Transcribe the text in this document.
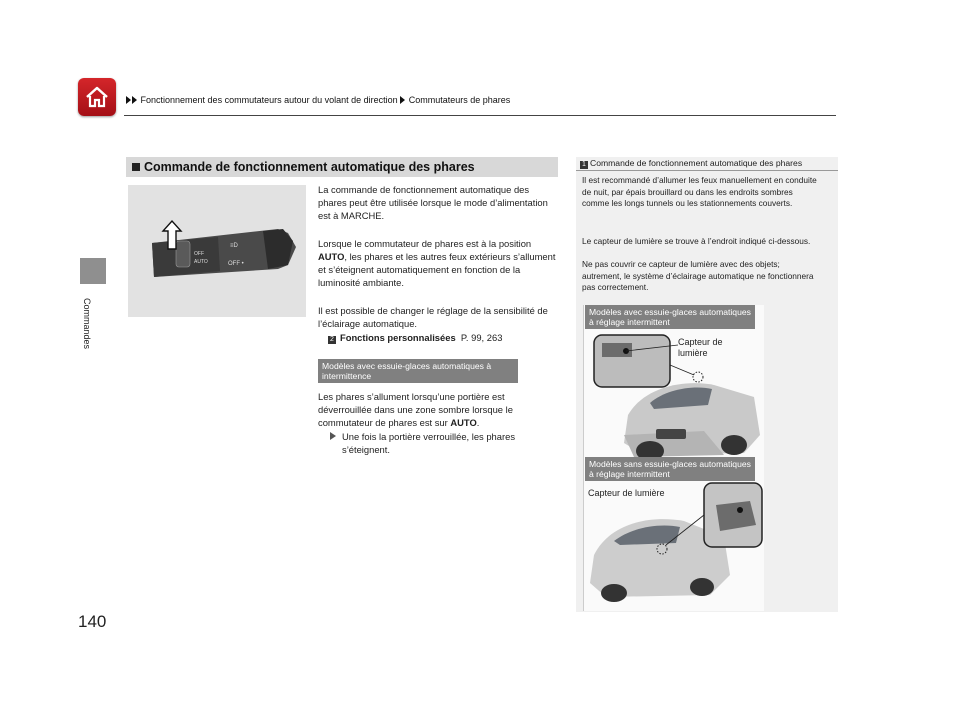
Fonctionnement des commutateurs autour du volant de direction Commutateurs de phares
Commandes
140
Commande de fonctionnement automatique des phares
OFF
AUTO	OFF •
≡D
La commande de fonctionnement automatique des phares peut être utilisée lorsque le mode d’alimentation est à MARCHE.
Lorsque le commutateur de phares est à la position AUTO, les phares et les autres feux extérieurs s’allument et s’éteignent automatiquement en fonction de la luminosité ambiante.
Il est possible de changer le réglage de la sensibilité de l’éclairage automatique.
2 Fonctions personnalisées P. 99, 263
Modèles avec essuie-glaces automatiques à intermittence
Les phares s’allument lorsqu’une portière est déverrouillée dans une zone sombre lorsque le commutateur de phares est sur AUTO.
Une fois la portière verrouillée, les phares s’éteignent.
1 Commande de fonctionnement automatique des phares
Il est recommandé d’allumer les feux manuellement en conduite de nuit, par épais brouillard ou dans les endroits sombres comme les longs tunnels ou les stationnements couverts.
Le capteur de lumière se trouve à l’endroit indiqué ci-dessous.
Ne pas couvrir ce capteur de lumière avec des objets; autrement, le système d’éclairage automatique ne fonctionnera pas correctement.
Modèles avec essuie-glaces automatiques à réglage intermittent
Capteur de
lumière
Modèles sans essuie-glaces automatiques à réglage intermittent
Capteur de lumière
